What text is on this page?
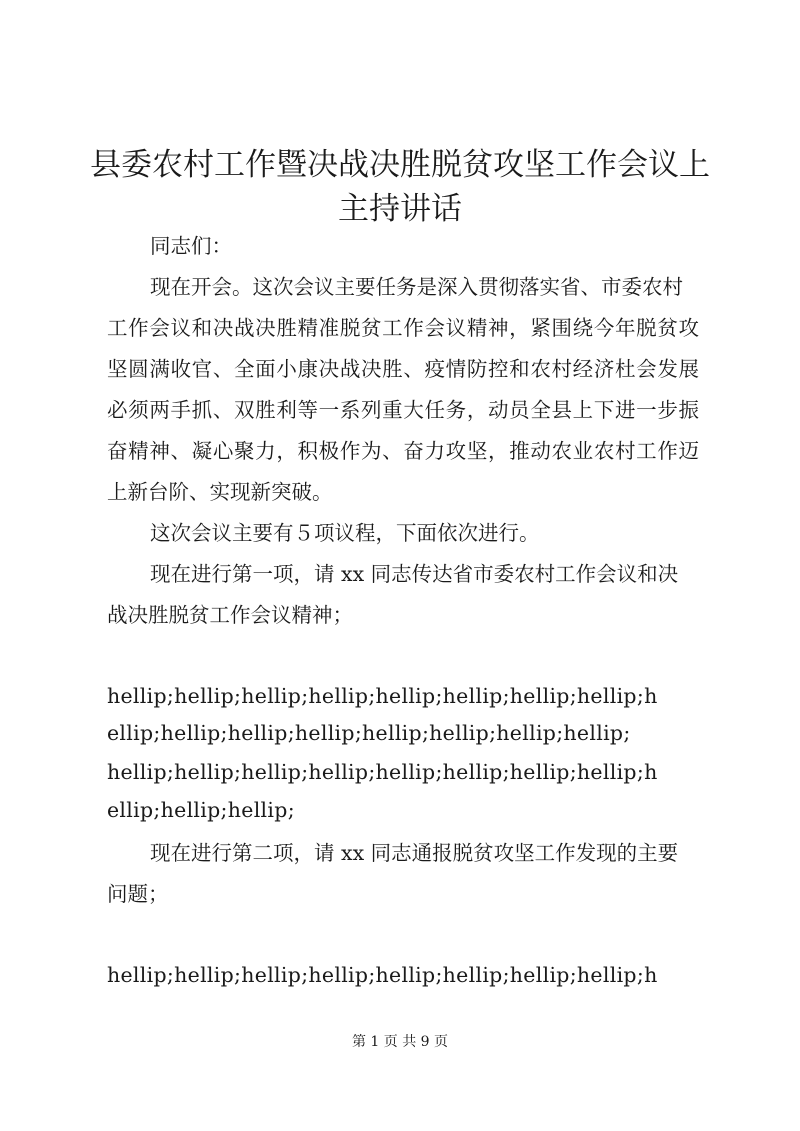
县委农村工作暨决战决胜脱贫攻坚工作会议上
主持讲话
同志们：
现在开会。这次会议主要任务是深入贯彻落实省、市委农村
工作会议和决战决胜精准脱贫工作会议精神，紧围绕今年脱贫攻
坚圆满收官、全面小康决战决胜、疫情防控和农村经济杜会发展
必须两手抓、双胜利等一系列重大任务，动员全县上下进一步振
奋精神、凝心聚力，积极作为、奋力攻坚，推动农业农村工作迈
上新台阶、实现新突破。
这次会议主要有５项议程，下面依次进行。
现在进行第一项，请 xx 同志传达省市委农村工作会议和决
战决胜脱贫工作会议精神；
hellip;hellip;hellip;hellip;hellip;hellip;hellip;hellip;h
ellip;hellip;hellip;hellip;hellip;hellip;hellip;hellip;
hellip;hellip;hellip;hellip;hellip;hellip;hellip;hellip;h
ellip;hellip;hellip;
现在进行第二项，请 xx 同志通报脱贫攻坚工作发现的主要
问题；
hellip;hellip;hellip;hellip;hellip;hellip;hellip;hellip;h
第 1 页 共 9 页
